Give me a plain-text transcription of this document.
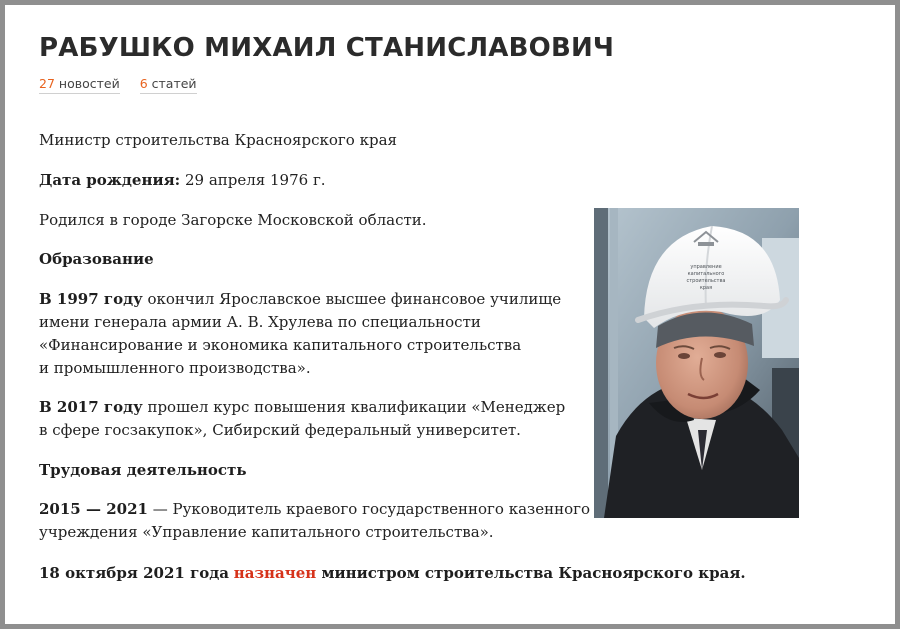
РАБУШКО МИХАИЛ СТАНИСЛАВОВИЧ
27 новостей 6 статей

Министр строительства Красноярского края

Дата рождения: 29 апреля 1976 г.

Родился в городе Загорске Московской области.

Образование

В 1997 году окончил Ярославское высшее финансовое училище
имени генерала армии А. В. Хрулева по специальности
«Финансирование и экономика капитального строительства
и промышленного производства».

В 2017 году прошел курс повышения квалификации «Менеджер
в сфере госзакупок», Сибирский федеральный университет.

Трудовая деятельность

2015 — 2021 — Руководитель краевого государственного казенного
учреждения «Управление капитального строительства».

18 октября 2021 года назначен министром строительства Красноярского края.

управление
капитального
строительства
края
